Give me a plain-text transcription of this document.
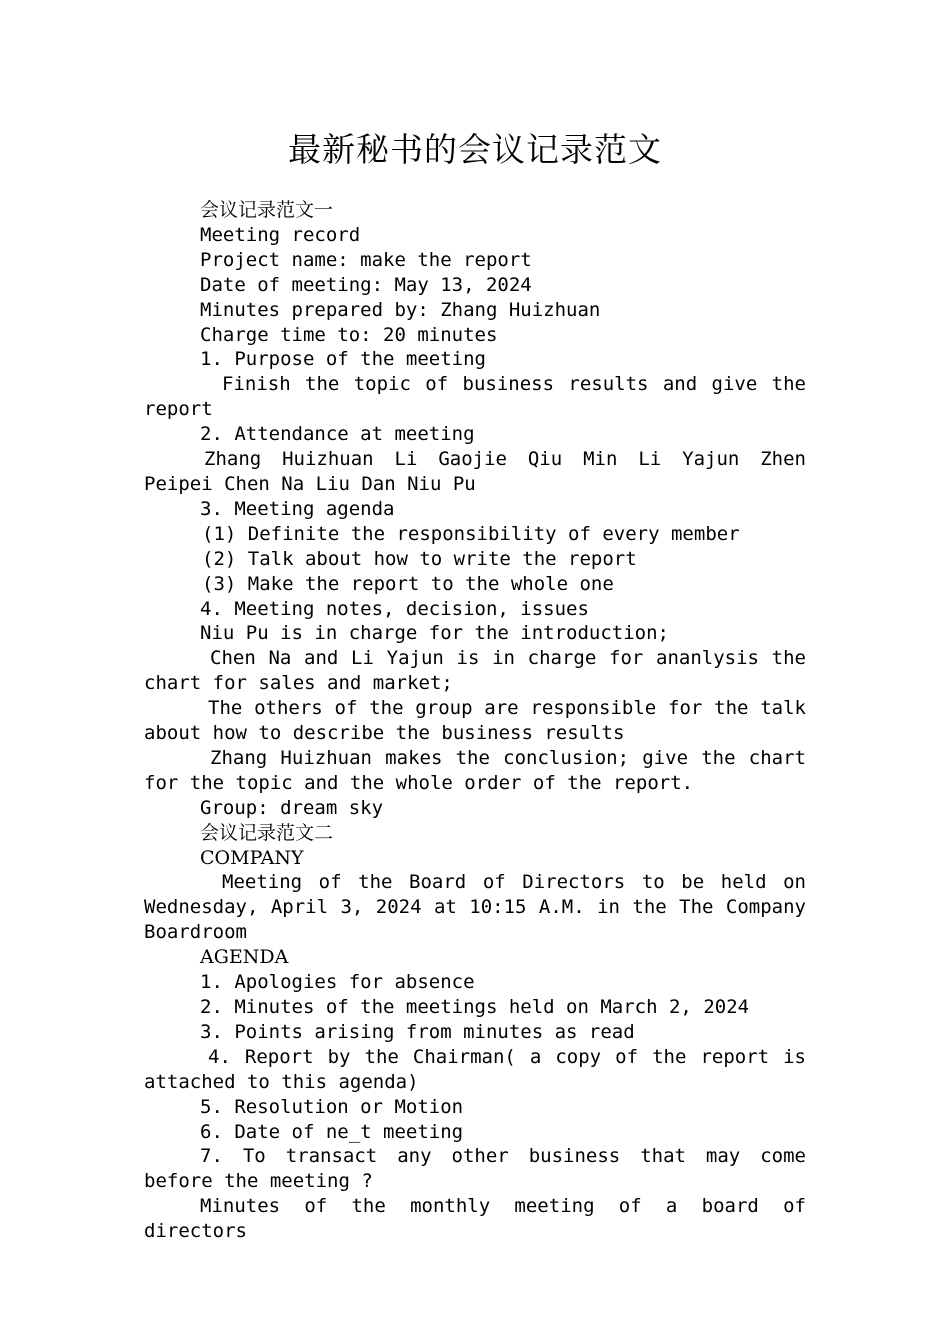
最新秘书的会议记录范文
会议记录范文一
Meeting record
Project name: make the report
Date of meeting: May 13, 2024
Minutes prepared by: Zhang Huizhuan
Charge time to: 20 minutes
1. Purpose of the meeting
Finish the topic of business results and give the report
2. Attendance at meeting
Zhang Huizhuan Li Gaojie Qiu Min Li Yajun Zhen Peipei Chen Na Liu Dan Niu Pu
3. Meeting agenda
(1) Definite the responsibility of every member
(2) Talk about how to write the report
(3) Make the report to the whole one
4. Meeting notes, decision, issues
Niu Pu is in charge for the introduction;
Chen Na and Li Yajun is in charge for ananlysis the chart for sales and market;
The others of the group are responsible for the talk about how to describe the business results
Zhang Huizhuan makes the conclusion; give the chart for the topic and the whole order of the report.
Group: dream sky
会议记录范文二
COMPANY
Meeting of the Board of Directors to be held on Wednesday, April 3, 2024 at 10:15 A.M. in the The Company Boardroom
AGENDA
1. Apologies for absence
2. Minutes of the meetings held on March 2, 2024
3. Points arising from minutes as read
4. Report by the Chairman( a copy of the report is attached to this agenda)
5. Resolution or Motion
6. Date of ne_t meeting
7. To transact any other business that may come before the meeting ?
Minutes of the monthly meeting of a board of directors
